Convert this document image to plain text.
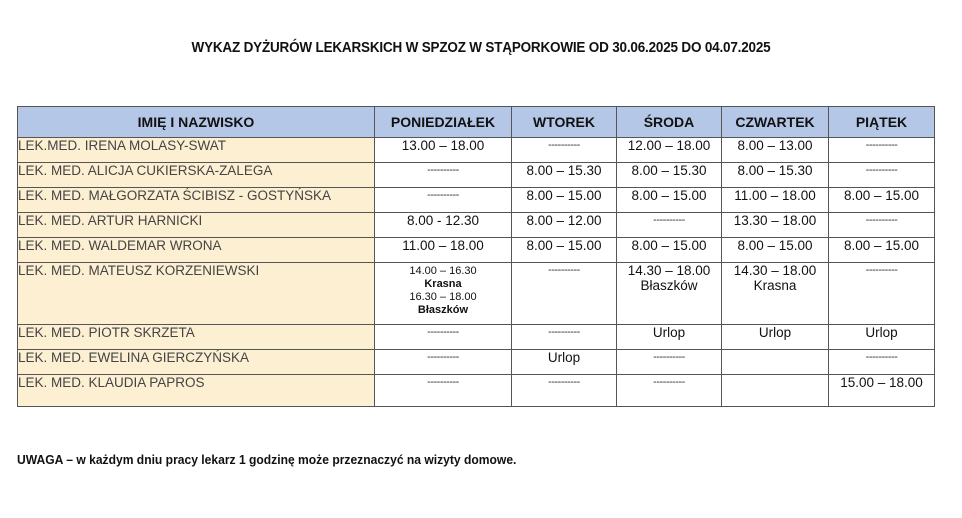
WYKAZ DYŻURÓW LEKARSKICH W SPZOZ W STĄPORKOWIE OD 30.06.2025 DO 04.07.2025
IMIĘ I NAZWISKO	PONIEDZIAŁEK	WTOREK	ŚRODA	CZWARTEK	PIĄTEK
LEK.MED. IRENA MOLASY-SWAT	13.00 – 18.00	----------	12.00 – 18.00	8.00 – 13.00	----------

LEK. MED. ALICJA CUKIERSKA-ZALEGA	----------	8.00 – 15.30	8.00 – 15.30	8.00 – 15.30	----------

LEK. MED. MAŁGORZATA ŚCIBISZ - GOSTYŃSKA	----------	8.00 – 15.00	8.00 – 15.00	11.00 – 18.00	8.00 – 15.00

LEK. MED. ARTUR HARNICKI	8.00 - 12.30	8.00 – 12.00	----------	13.30 – 18.00	----------

LEK. MED. WALDEMAR WRONA	11.00 – 18.00	8.00 – 15.00	8.00 – 15.00	8.00 – 15.00	8.00 – 15.00

LEK. MED. MATEUSZ KORZENIEWSKI	14.00 – 16.30
Krasna
16.30 – 18.00
Błaszków	----------	14.30 – 18.00
Błaszków	14.30 – 18.00
Krasna	----------

LEK. MED. PIOTR SKRZETA	----------	----------	Urlop	Urlop	Urlop

LEK. MED. EWELINA GIERCZYŃSKA	----------	Urlop	----------		----------

LEK. MED. KLAUDIA PAPROS	----------	----------	----------		15.00 – 18.00
UWAGA – w każdym dniu pracy lekarz 1 godzinę może przeznaczyć na wizyty domowe.
